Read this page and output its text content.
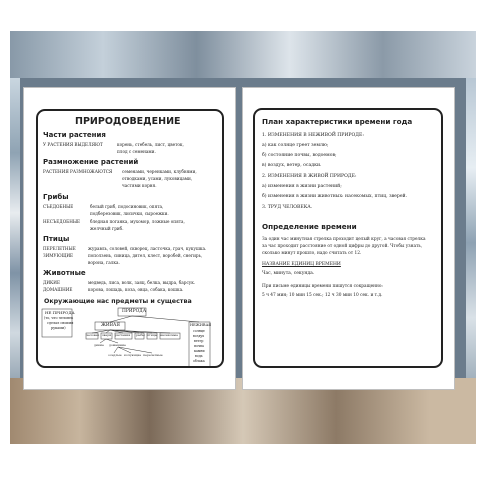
ПРИРОДОВЕДЕНИЕ
Части растения
У РАСТЕНИЯ ВЫДЕЛЯЮТ	корень, стебель, лист, цветок,
плод с семенами.
Размножение растений
РАСТЕНИЯ РАЗМНОЖАЮТСЯ семенами, черенками, клубнями,
отводками, усами, луковицами,
частями корня.
Грибы
СЪЕДОБНЫЕ	белый гриб, подосиновик, опята,
подберезовик, лисички, сыроежки.
НЕСЪЕДОБНЫЕ бледная поганка, мухомор, ложные опята,
желчный гриб.
Птицы
ПЕРЕЛЕТНЫЕ	журавль, соловей, скворец, ласточка, грач, кукушка.
ЗИМУЮЩИЕ	поползень, синица, дятел, клест, воробей, снегирь,
ворона, галка.
Животные
ДИКИЕ	медведь, лиса, волк, заяц, белка, выдра, барсук.
ДОМАШНИЕ	корова, лошадь, коза, овца, собака, кошка.
Окружающие нас предметы и существа
НЕ ПРИРОДА
(то, что человек
сделал своими
руками)
ПРИРОДА
ЖИВАЯ	НЕЖИВАЯ
солнце
воздух
ветер
почва
камни
вода
облака
человек звери растения рыбы птицы насекомые
дикие домашние
оседлые кочующие перелетные
План характеристики времени года
1. ИЗМЕНЕНИЯ В НЕЖИВОЙ ПРИРОДЕ:
а) как солнце греет землю;
б) состояние почвы, водоемов;
в) воздух, ветер, осадки.
2. ИЗМЕНЕНИЯ В ЖИВОЙ ПРИРОДЕ:
а) изменения в жизни растений;
б) изменения в жизни животных: насекомых, птиц, зверей.
3. ТРУД ЧЕЛОВЕКА.
Определение времени
За один час минутная стрелка проходит целый круг, а часовая стрелка
за час проходит расстояние от одной цифры до другой. Чтобы узнать,
сколько минут прошло, надо считать от 12.
НАЗВАНИЕ ЕДИНИЦ ВРЕМЕНИ
Час, минута, секунда.
При письме единицы времени пишутся сокращенно:
5 ч 47 мин; 10 мин 15 сек.; 12 ч 30 мин 10 сек. и т.д.
